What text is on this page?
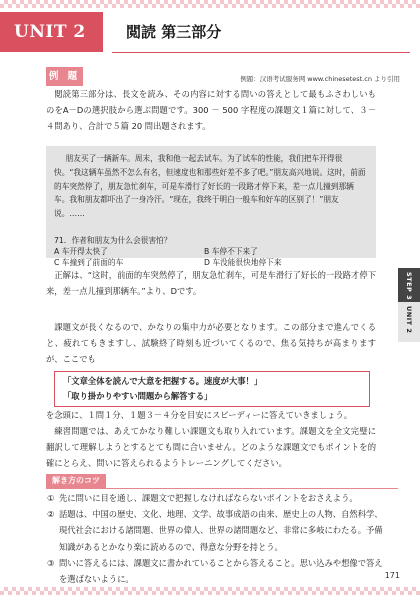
UNIT 2	閲読 第三部分
例 題	例題：汉语考试服务网 www.chinesetest.cn より引用
閲読第三部分は、長文を読み、その内容に対する問いの答えとして最もふさわしいものをA－Dの選択肢から選ぶ問題です。300 － 500 字程度の課題文１篇に対して、３－４問あり、合計で５篇 20 問出題されます。

朋友买了一辆新车。周末，我和他一起去试车。为了试车的性能，我们把车开得很快。“我这辆车虽然不怎么有名，但速度也和那些好差不多了吧。”朋友高兴地说。这时，前面的车突然停了，朋友急忙刹车，可是车滑行了好长的一段路才停下来，差一点儿撞到那辆车。我和朋友都吓出了一身冷汗。“现在，我终于明白一般车和好车的区别了！”朋友说。……

71．作者和朋友为什么会很害怕？
A 车开得太快了	B 车停不下来了
C 车撞到了前面的车	D 车没能很快地停下来
正解は、“这时，前面的车突然停了，朋友急忙刹车，可是车滑行了好长的一段路才停下来，差一点儿撞到那辆车。”より、Dです。
課題文が長くなるので、かなりの集中力が必要となります。この部分まで進んでくると、疲れてもきますし、試験終了時刻も近づいてくるので、焦る気持ちが高まりますが、ここでも
「文章全体を読んで大意を把握する。速度が大事！」
「取り掛かりやすい問題から解答する」
を念頭に、１問１分、１題３－４分を目安にスピーディーに答えていきましょう。
練習問題では、あえてかなり難しい課題文も取り入れています。課題文を全文完璧に翻訳して理解しようとするとても間に合いません。どのような課題文でもポイントを的確にとらえ、問いに答えられるようトレーニングしてください。
STEP 3
UNIT 2
解き方のコツ
① 先に問いに目を通し、課題文で把握しなければならないポイントをおさえよう。
② 話題は、中国の歴史、文化、地理、文学、故事成語の由来、歴史上の人物、自然科学、現代社会における諸問題、世界の偉人、世界の諸問題など、非常に多岐にわたる。予備知識があるとかなり楽に読めるので、得意な分野を持とう。
③ 問いに答えるには、課題文に書かれていることから答えること。思い込みや想像で答えを選ばないように。	171
